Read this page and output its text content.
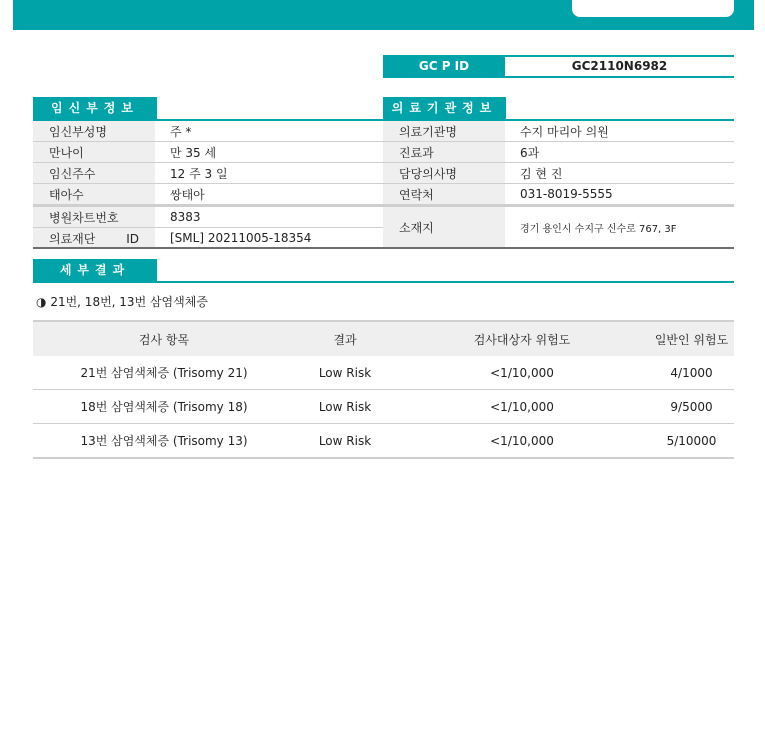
GC P ID	GC2110N6982
임신부정보
임신부성명	주 *
만나이	만 35 세
임신주수	12 주 3 일
태아수	쌍태아
병원차트번호	8383
의료재단 ID	[SML] 20211005-18354
의료기관정보
의료기관명	수지 마리아 의원
진료과	6과
담당의사명	김 현 진
연락처	031-8019-5555
소재지	경기 용인시 수지구 신수로 767, 3F
세부결과
◑ 21번, 18번, 13번 삼염색체증
검사 항목	결과	검사대상자 위험도	일반인 위험도
21번 삼염색체증 (Trisomy 21)	Low Risk	<1/10,000	4/1000
18번 삼염색체증 (Trisomy 18)	Low Risk	<1/10,000	9/5000
13번 삼염색체증 (Trisomy 13)	Low Risk	<1/10,000	5/10000
